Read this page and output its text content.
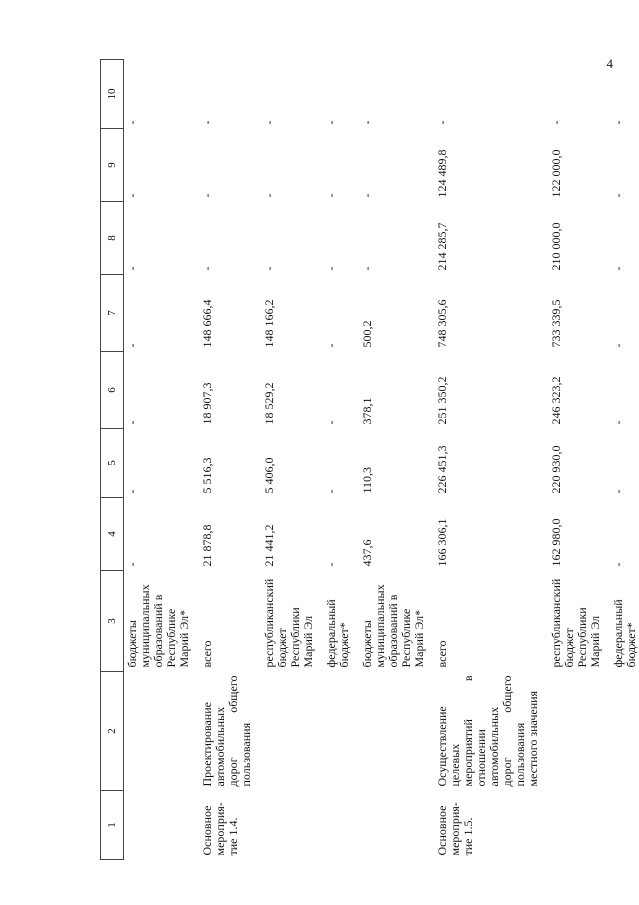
4
1	2	3	4	5	6	7	8	9	10
		бюджеты муниципальных образований в Республике Марий Эл*	-	-	-	-	-	-	-
Основное мероприя-тие 1.4.	Проектирование автомобильных дорог общего пользования	всего	21 878,8	5 516,3	18 907,3	148 666,4	-	-	-
		республиканский бюджет Республики Марий Эл	21 441,2	5 406,0	18 529,2	148 166,2	-	-	-
		федеральный бюджет*	-	-	-	-	-	-	-
		бюджеты муниципальных образований в Республике Марий Эл*	437,6	110,3	378,1	500,2	-	-	-
Основное мероприя-тие 1.5.	Осуществление целевых мероприятий в отношении автомобильных дорог общего пользования местного значения	всего	166 306,1	226 451,3	251 350,2	748 305,6	214 285,7	124 489,8	-
		республиканский бюджет Республики Марий Эл	162 980,0	220 930,0	246 323,2	733 339,5	210 000,0	122 000,0	-
		федеральный бюджет*	-	-	-	-	-	-	-
